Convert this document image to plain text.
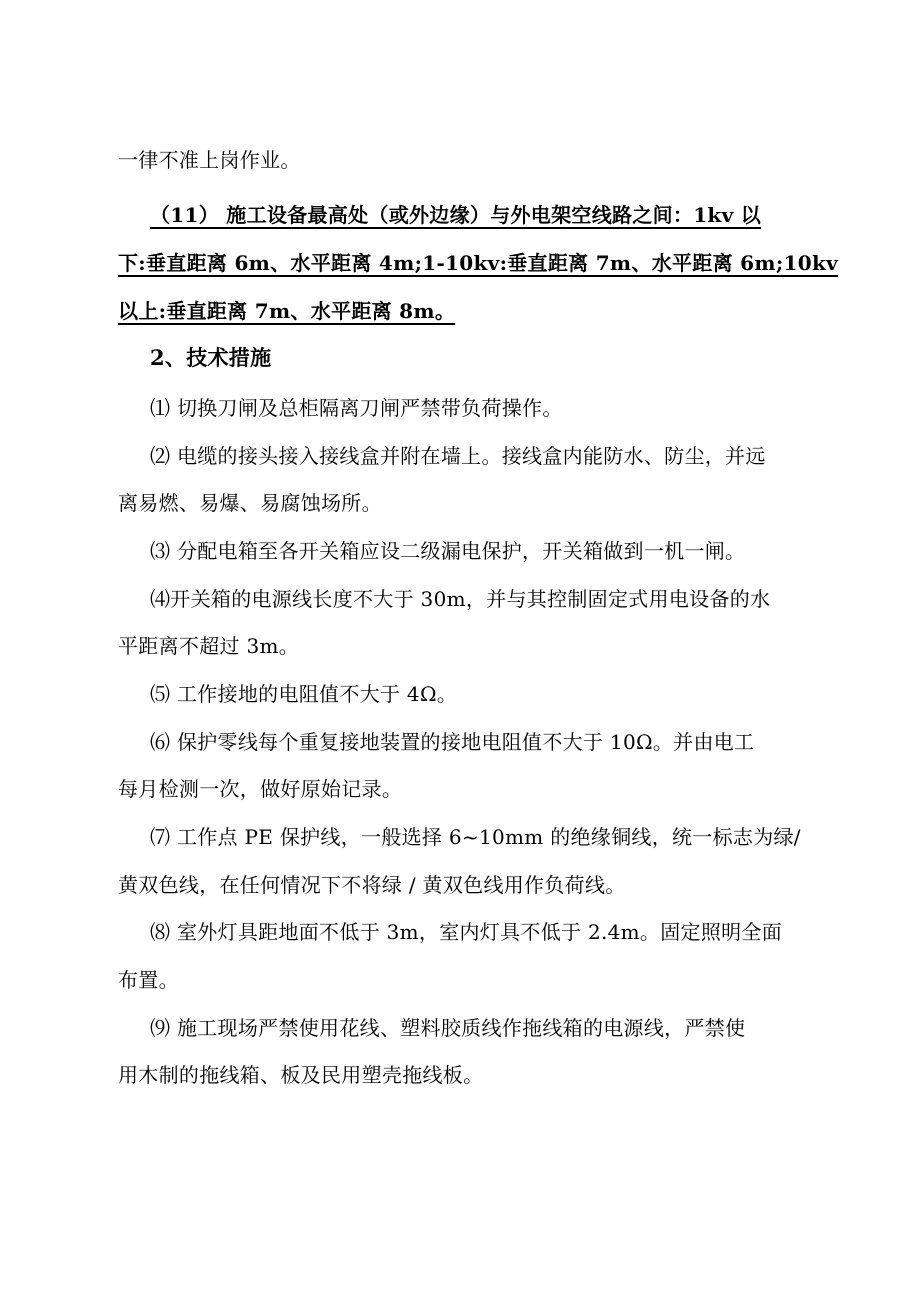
一律不准上岗作业。
（11） 施工设备最高处（或外边缘）与外电架空线路之间：1kv 以
下:垂直距离 6m、水平距离 4m;1-10kv:垂直距离 7m、水平距离 6m;10kv
以上:垂直距离 7m、水平距离 8m。
2、技术措施
⑴ 切换刀闸及总柜隔离刀闸严禁带负荷操作。
⑵ 电缆的接头接入接线盒并附在墙上。接线盒内能防水、防尘，并远
离易燃、易爆、易腐蚀场所。
⑶ 分配电箱至各开关箱应设二级漏电保护，开关箱做到一机一闸。
⑷开关箱的电源线长度不大于 30m，并与其控制固定式用电设备的水
平距离不超过 3m。
⑸ 工作接地的电阻值不大于 4Ω。
⑹ 保护零线每个重复接地装置的接地电阻值不大于 10Ω。并由电工
每月检测一次，做好原始记录。
⑺ 工作点 PE 保护线，一般选择 6~10mm 的绝缘铜线，统一标志为绿/
黄双色线，在任何情况下不将绿 / 黄双色线用作负荷线。
⑻ 室外灯具距地面不低于 3m，室内灯具不低于 2.4m。固定照明全面
布置。
⑼ 施工现场严禁使用花线、塑料胶质线作拖线箱的电源线，严禁使
用木制的拖线箱、板及民用塑壳拖线板。
